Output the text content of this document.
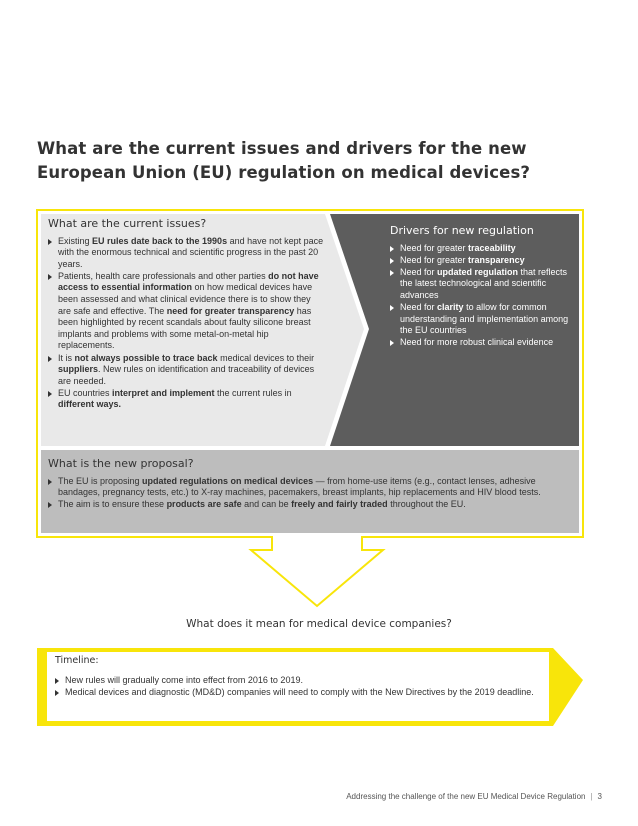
What are the current issues and drivers for the new European Union (EU) regulation on medical devices?
What are the current issues?
Existing EU rules date back to the 1990s and have not kept pace with the enormous technical and scientific progress in the past 20 years.
Patients, health care professionals and other parties do not have access to essential information on how medical devices have been assessed and what clinical evidence there is to show they are safe and effective. The need for greater transparency has been highlighted by recent scandals about faulty silicone breast implants and problems with some metal-on-metal hip replacements.
It is not always possible to trace back medical devices to their suppliers. New rules on identification and traceability of devices are needed.
EU countries interpret and implement the current rules in different ways.
Drivers for new regulation
Need for greater traceability
Need for greater transparency
Need for updated regulation that reflects the latest technological and scientific advances
Need for clarity to allow for common understanding and implementation among the EU countries
Need for more robust clinical evidence
What is the new proposal?
The EU is proposing updated regulations on medical devices — from home-use items (e.g., contact lenses, adhesive bandages, pregnancy tests, etc.) to X-ray machines, pacemakers, breast implants, hip replacements and HIV blood tests.
The aim is to ensure these products are safe and can be freely and fairly traded throughout the EU.
What does it mean for medical device companies?
Timeline:
New rules will gradually come into effect from 2016 to 2019.
Medical devices and diagnostic (MD&D) companies will need to comply with the New Directives by the 2019 deadline.
Addressing the challenge of the new EU Medical Device Regulation | 3
